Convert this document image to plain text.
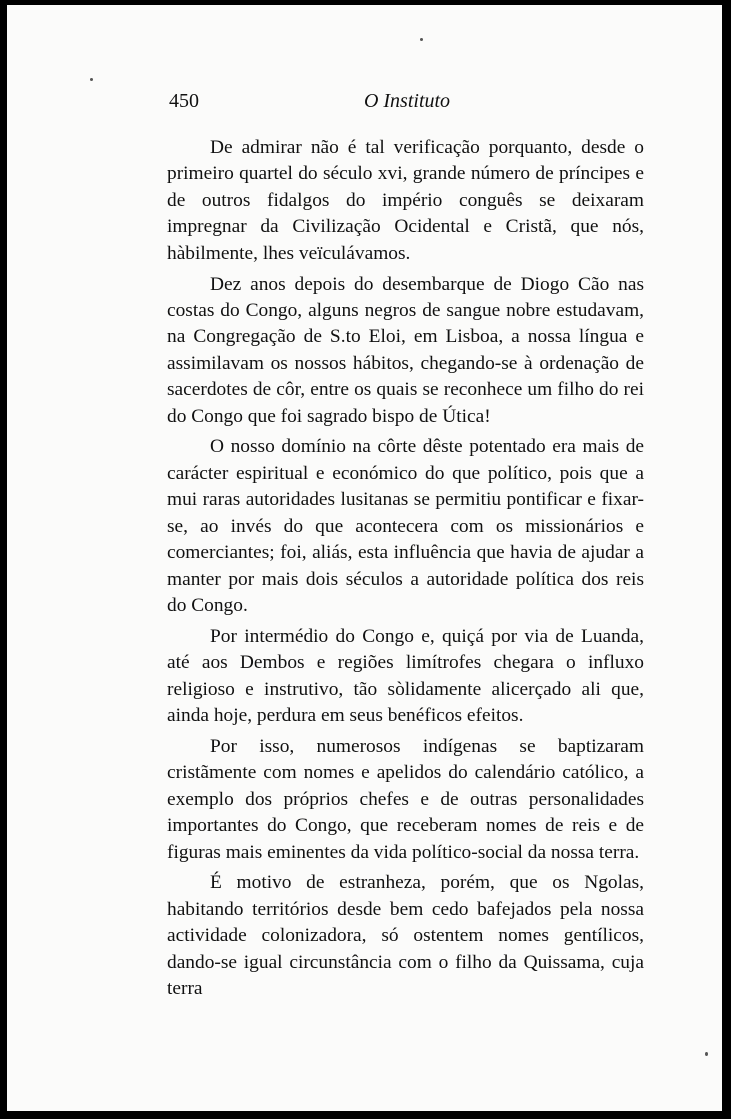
450	O Instituto

De admirar não é tal verificação porquanto, desde o primeiro quartel do século xvi, grande número de príncipes e de outros fidalgos do império conguês se deixaram impregnar da Civilização Ocidental e Cristã, que nós, hàbilmente, lhes veïculávamos.

Dez anos depois do desembarque de Diogo Cão nas costas do Congo, alguns negros de sangue nobre estudavam, na Congregação de S.to Eloi, em Lisboa, a nossa língua e assimilavam os nossos hábitos, chegando-se à ordenação de sacerdotes de côr, entre os quais se reconhece um filho do rei do Congo que foi sagrado bispo de Útica!

O nosso domínio na côrte dêste potentado era mais de carácter espiritual e económico do que político, pois que a mui raras autoridades lusitanas se permitiu pontificar e fixar-se, ao invés do que acontecera com os missionários e comerciantes; foi, aliás, esta influência que havia de ajudar a manter por mais dois séculos a autoridade política dos reis do Congo.

Por intermédio do Congo e, quiçá por via de Luanda, até aos Dembos e regiões limítrofes chegara o influxo religioso e instrutivo, tão sòlidamente alicerçado ali que, ainda hoje, perdura em seus benéficos efeitos.

Por isso, numerosos indígenas se baptizaram cristãmente com nomes e apelidos do calendário católico, a exemplo dos próprios chefes e de outras personalidades importantes do Congo, que receberam nomes de reis e de figuras mais eminentes da vida político-social da nossa terra.

É motivo de estranheza, porém, que os Ngolas, habitando territórios desde bem cedo bafejados pela nossa actividade colonizadora, só ostentem nomes gentílicos, dando-se igual circunstância com o filho da Quissama, cuja terra
